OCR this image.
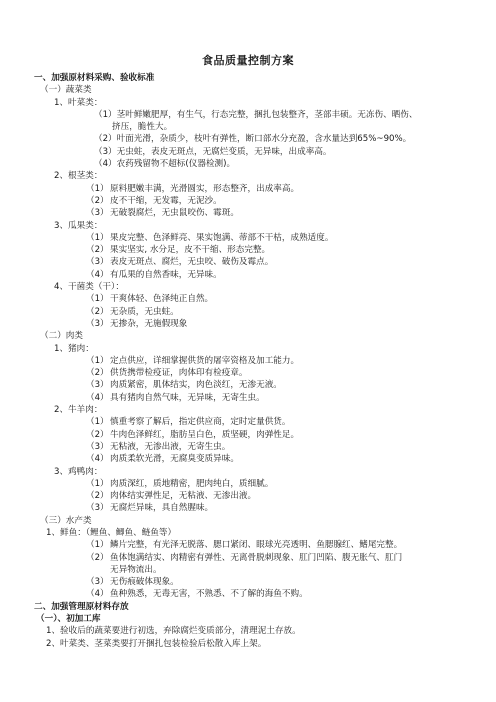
食品质量控制方案
一、加强原材料采购、验收标准
（一）蔬菜类
1、叶菜类：
（1）茎叶鲜嫩肥厚，有生气，行态完整，捆扎包装整齐，茎部丰硕。无冻伤、晒伤、
挤压，脆性大。
（2）叶面光滑，杂质少，枝叶有弹性，断口部水分充盈，含水量达到65%~90%。
（3）无虫蛀，表皮无斑点，无腐烂变质，无异味，出成率高。
（4）农药残留物不超标(仪器检测)。
2、根茎类：
（1） 原料肥嫩丰满，光滑圆实，形态整齐，出成率高。
（2） 皮不干缩，无发霉，无泥沙。
（3） 无破裂腐烂，无虫鼠咬伤、霉斑。
3、瓜果类：
（1） 果皮完整、色泽鲜亮、果实饱满、蒂部不干枯，成熟适度。
（2） 果实坚实, 水分足，皮不干缩、形态完整。
（3） 表皮无斑点、腐烂，无虫咬、破伤及霉点。
（4） 有瓜果的自然香味，无异味。
4、干菌类（干）：
（1） 干爽体轻、色泽纯正自然。
（2） 无杂质，无虫蛀。
（3） 无掺杂，无施假现象
（二）肉类
1、猪肉：
（1） 定点供应，详细掌握供货的屠宰资格及加工能力。
（2） 供货携带检疫证，肉体印有检疫章。
（3） 肉质紧密，肌体结实，肉色淡红，无渗无液。
（4） 具有猪肉自然气味，无异味，无寄生虫。
2、牛羊肉：
（1） 慎重考察了解后，指定供应商，定时定量供货。
（2） 牛肉色泽鲜红，脂肪呈白色，质坚硬，肉弹性足。
（3） 无粘液，无渗出液，无寄生虫。
（4） 肉质柔软光滑，无腐臭变质异味。
3、鸡鸭肉：
（1） 肉质深红，质地精密，肥肉纯白，质细腻。
（2） 肉体结实弹性足，无粘液、无渗出液。
（3） 无腐烂异味，具自然腥味。
（三）水产类
1、鲜鱼：（鲤鱼、鲫鱼、鲢鱼等）
（1） 鳞片完整，有光泽无脱落、腮口紧闭、眼球光亮透明、鱼腮腺红、鳍尾完整。
（2） 鱼体饱满结实、肉精密有弹性、无离骨脱刺现象、肛门凹陷、腹无胀气、肛门
无异物流出。
（3） 无伤痕破体现象。
（4） 鱼种熟悉，无毒无害，不熟悉、不了解的海鱼不购。
二、加强管理原材料存放
（一）、初加工库
1、验收后的蔬菜要进行初选，弃除腐烂变质部分，清理泥土存放。
2、叶菜类、茎菜类要打开捆扎包装检验后松散入库上架。
